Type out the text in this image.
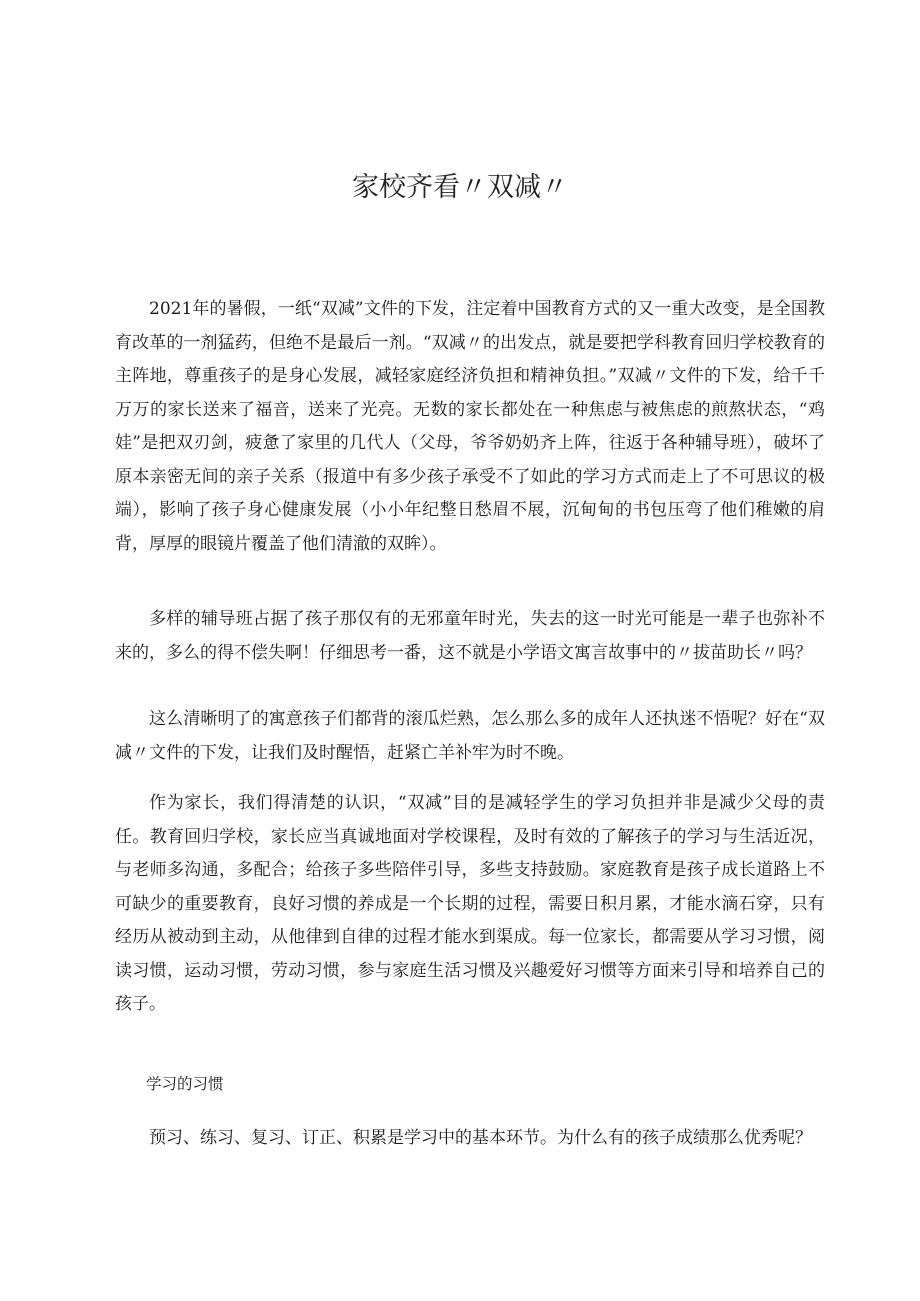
家校齐看〃双减〃

2021年的暑假，一纸“双减”文件的下发，注定着中国教育方式的又一重大改变，是全国教育改革的一剂猛药，但绝不是最后一剂。“双减〃的出发点，就是要把学科教育回归学校教育的主阵地，尊重孩子的是身心发展，减轻家庭经济负担和精神负担。”双减〃文件的下发，给千千万万的家长送来了福音，送来了光亮。无数的家长都处在一种焦虑与被焦虑的煎熬状态，“鸡娃”是把双刃剑，疲惫了家里的几代人（父母，爷爷奶奶齐上阵，往返于各种辅导班），破坏了原本亲密无间的亲子关系（报道中有多少孩子承受不了如此的学习方式而走上了不可思议的极端），影响了孩子身心健康发展（小小年纪整日愁眉不展，沉甸甸的书包压弯了他们稚嫩的肩背，厚厚的眼镜片覆盖了他们清澈的双眸）。

多样的辅导班占据了孩子那仅有的无邪童年时光，失去的这一时光可能是一辈子也弥补不来的，多么的得不偿失啊！仔细思考一番，这不就是小学语文寓言故事中的〃拔苗助长〃吗？

这么清晰明了的寓意孩子们都背的滚瓜烂熟，怎么那么多的成年人还执迷不悟呢？好在“双减〃文件的下发，让我们及时醒悟，赶紧亡羊补牢为时不晚。

作为家长，我们得清楚的认识，“双减”目的是减轻学生的学习负担并非是减少父母的责任。教育回归学校，家长应当真诚地面对学校课程，及时有效的了解孩子的学习与生活近况，与老师多沟通，多配合；给孩子多些陪伴引导，多些支持鼓励。家庭教育是孩子成长道路上不可缺少的重要教育，良好习惯的养成是一个长期的过程，需要日积月累，才能水滴石穿，只有经历从被动到主动，从他律到自律的过程才能水到渠成。每一位家长，都需要从学习习惯，阅读习惯，运动习惯，劳动习惯，参与家庭生活习惯及兴趣爱好习惯等方面来引导和培养自己的孩子。

学习的习惯

预习、练习、复习、订正、积累是学习中的基本环节。为什么有的孩子成绩那么优秀呢？
